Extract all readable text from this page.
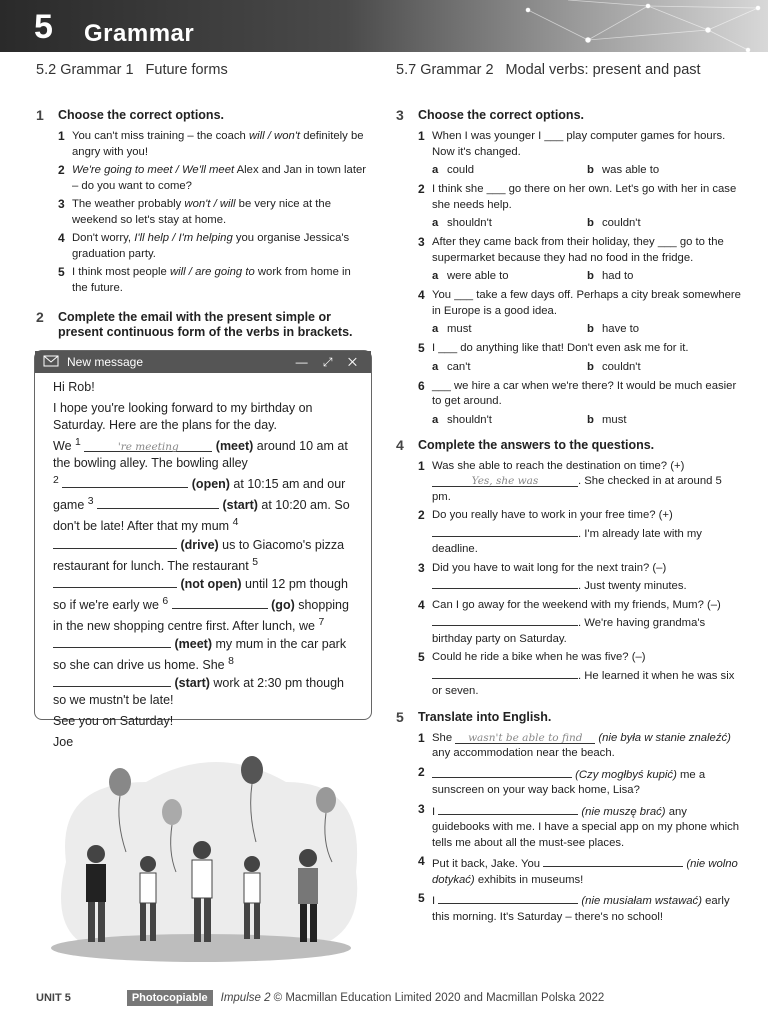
5 Grammar
5.2 Grammar 1 Future forms	5.7 Grammar 2 Modal verbs: present and past
1	Choose the correct options.
1 You can't miss training – the coach will / won't definitely be angry with you!
2 We're going to meet / We'll meet Alex and Jan in town later – do you want to come?
3 The weather probably won't / will be very nice at the weekend so let's stay at home.
4 Don't worry, I'll help / I'm helping you organise Jessica's graduation party.
5 I think most people will / are going to work from home in the future.
2	Complete the email with the present simple or present continuous form of the verbs in brackets.
New message	— ⤢ ✕

Hi Rob!

I hope you're looking forward to my birthday on Saturday. Here are the plans for the day.
We $^1$	're meeting	(meet) around 10 am at the bowling alley. The bowling alley
$^2$	(open) at 10:15 am and our game $^3$	(start) at 10:20 am. So don't be late! After that my mum $^4$  (drive) us to Giacomo's pizza restaurant for lunch. The restaurant $^5$  (not open) until 12 pm though so if we're early we $^6$	(go) shopping in the new shopping centre first. After lunch, we $^7$  (meet) my mum in the car park so she can drive us home. She $^8$  (start) work at 2:30 pm though so we mustn't be late!

See you on Saturday!

Joe

3	Choose the correct options.
1 When I was younger I ___ play computer games for hours. Now it's changed.
a could	b was able to
2 I think she ___ go there on her own. Let's go with her in case she needs help.
a shouldn't	b couldn't
3 After they came back from their holiday, they ___ go to the supermarket because they had no food in the fridge.
a were able to	b had to
4 You ___ take a few days off. Perhaps a city break somewhere in Europe is a good idea.
a must	b have to
5 I ___ do anything like that! Don't even ask me for it.
a can't	b couldn't
6 ___ we hire a car when we're there? It would be much easier to get around.
a shouldn't	b must
4	Complete the answers to the questions.
1 Was she able to reach the destination on time? (+)
Yes, she was	. She checked in at around 5 pm.
2 Do you really have to work in your free time? (+)
. I'm already late with my deadline.
3 Did you have to wait long for the next train? (–)
. Just twenty minutes.
4 Can I go away for the weekend with my friends, Mum? (–)
. We're having grandma's birthday party on Saturday.
5 Could he ride a bike when he was five? (–)
. He learned it when he was six or seven.
5	Translate into English.
1 She wasn't be able to find (nie była w stanie znaleźć) any accommodation near the beach.
2	(Czy mogłbyś kupić) me a sunscreen on your way back home, Lisa?
3 I	(nie muszę brać) any guidebooks with me. I have a special app on my phone which tells me about all the must-see places.
4 Put it back, Jake. You	(nie wolno dotykać) exhibits in museums!
5 I	(nie musiałam wstawać) early this morning. It's Saturday – there's no school!
UNIT 5	Photocopiable	Impulse 2 © Macmillan Education Limited 2020 and Macmillan Polska 2022
